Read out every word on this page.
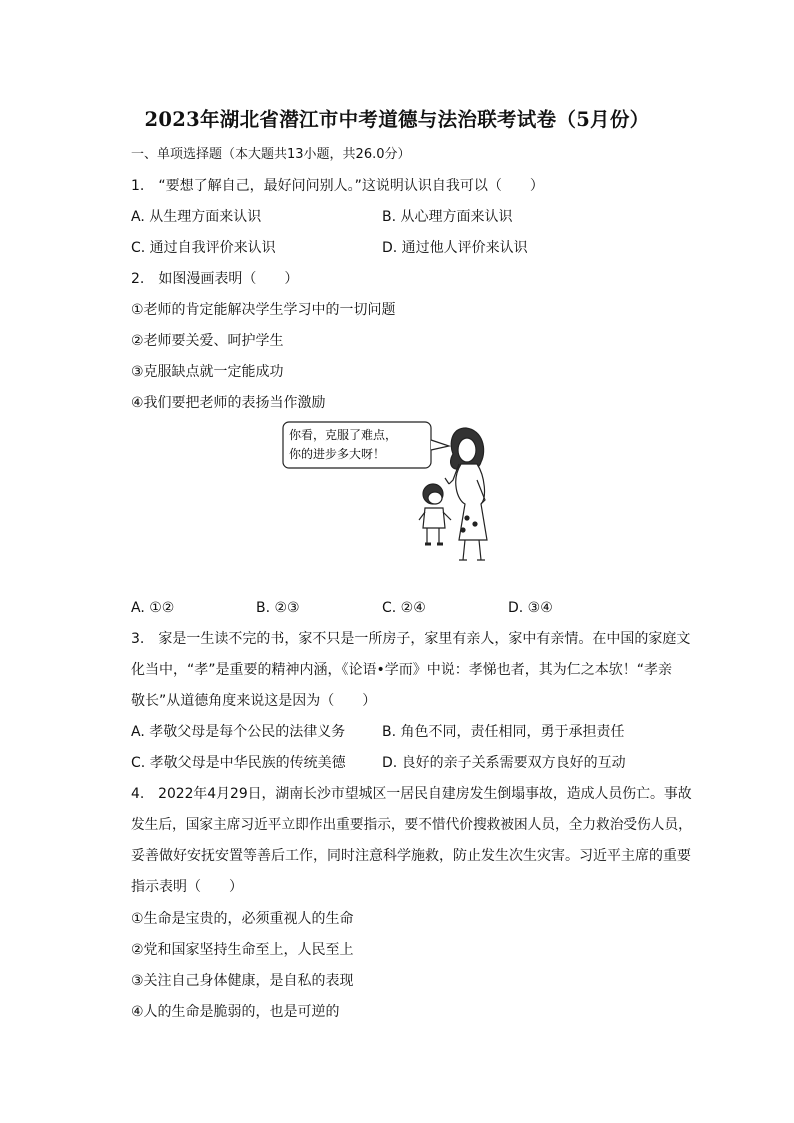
2023年湖北省潜江市中考道德与法治联考试卷（5月份）
一、单项选择题（本大题共13小题，共26.0分）
1.　“要想了解自己，最好问问别人。”这说明认识自我可以（　　）
A. 从生理方面来认识	B. 从心理方面来认识
C. 通过自我评价来认识	D. 通过他人评价来认识
2.　如图漫画表明（　　）
①老师的肯定能解决学生学习中的一切问题
②老师要关爱、呵护学生
③克服缺点就一定能成功
④我们要把老师的表扬当作激励
你看，克服了难点，
你的进步多大呀！
A. ①②	B. ②③	C. ②④	D. ③④
3.　家是一生读不完的书，家不只是一所房子，家里有亲人，家中有亲情。在中国的家庭文
化当中，“孝”是重要的精神内涵，《论语•学而》中说：孝悌也者，其为仁之本欤！“孝亲
敬长”从道德角度来说这是因为（　　）
A. 孝敬父母是每个公民的法律义务	B. 角色不同，责任相同，勇于承担责任
C. 孝敬父母是中华民族的传统美德	D. 良好的亲子关系需要双方良好的互动
4.　2022年4月29日，湖南长沙市望城区一居民自建房发生倒塌事故，造成人员伤亡。事故
发生后，国家主席习近平立即作出重要指示，要不惜代价搜救被困人员，全力救治受伤人员，
妥善做好安抚安置等善后工作，同时注意科学施救，防止发生次生灾害。习近平主席的重要
指示表明（　　）
①生命是宝贵的，必须重视人的生命
②党和国家坚持生命至上，人民至上
③关注自己身体健康，是自私的表现
④人的生命是脆弱的，也是可逆的
